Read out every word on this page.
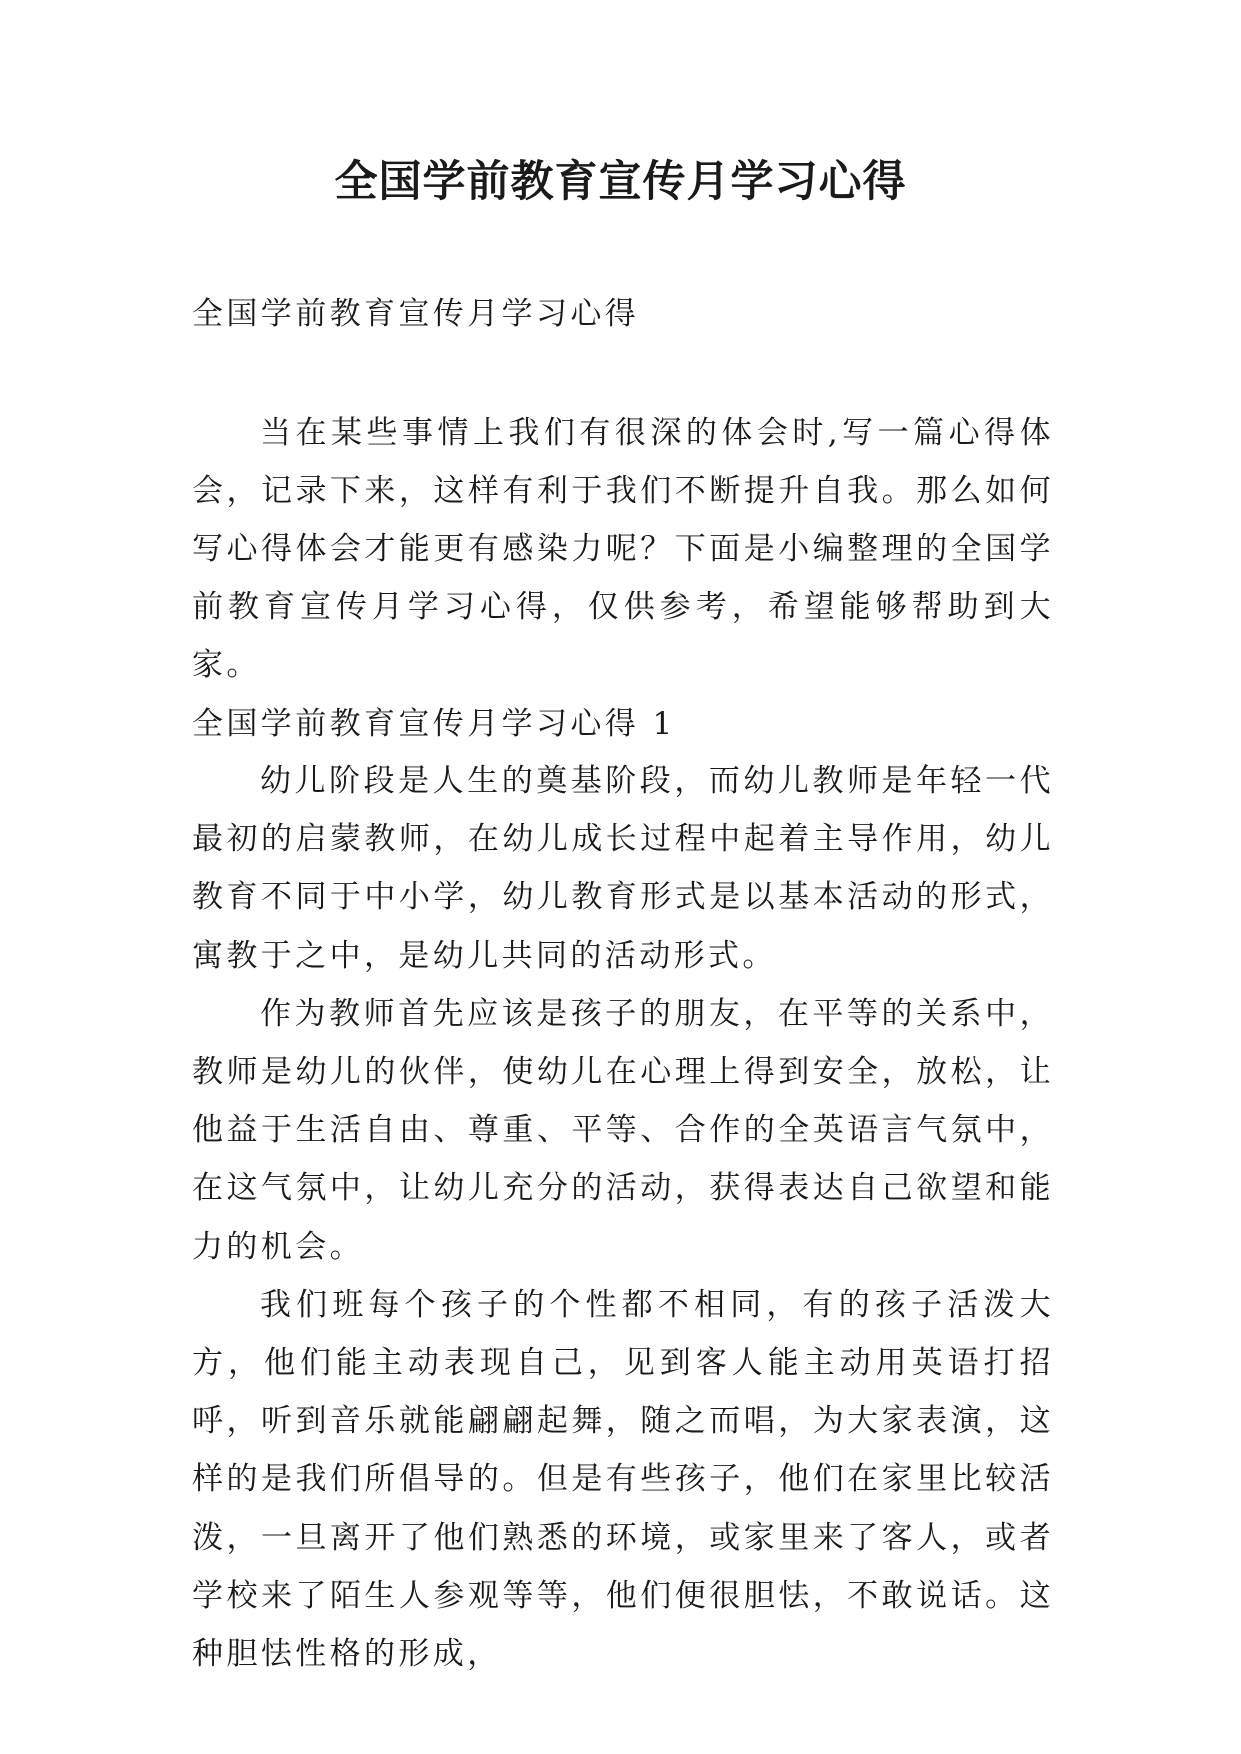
全国学前教育宣传月学习心得

全国学前教育宣传月学习心得

当在某些事情上我们有很深的体会时,写一篇心得体会，记录下来，这样有利于我们不断提升自我。那么如何写心得体会才能更有感染力呢？下面是小编整理的全国学前教育宣传月学习心得，仅供参考，希望能够帮助到大家。

全国学前教育宣传月学习心得 1

幼儿阶段是人生的奠基阶段，而幼儿教师是年轻一代最初的启蒙教师，在幼儿成长过程中起着主导作用，幼儿教育不同于中小学，幼儿教育形式是以基本活动的形式，寓教于之中，是幼儿共同的活动形式。

作为教师首先应该是孩子的朋友，在平等的关系中，教师是幼儿的伙伴，使幼儿在心理上得到安全，放松，让他益于生活自由、尊重、平等、合作的全英语言气氛中，在这气氛中，让幼儿充分的活动，获得表达自己欲望和能力的机会。

我们班每个孩子的个性都不相同，有的孩子活泼大方，他们能主动表现自己，见到客人能主动用英语打招呼，听到音乐就能翩翩起舞，随之而唱，为大家表演，这样的是我们所倡导的。但是有些孩子，他们在家里比较活泼，一旦离开了他们熟悉的环境，或家里来了客人，或者学校来了陌生人参观等等，他们便很胆怯，不敢说话。这种胆怯性格的形成，
